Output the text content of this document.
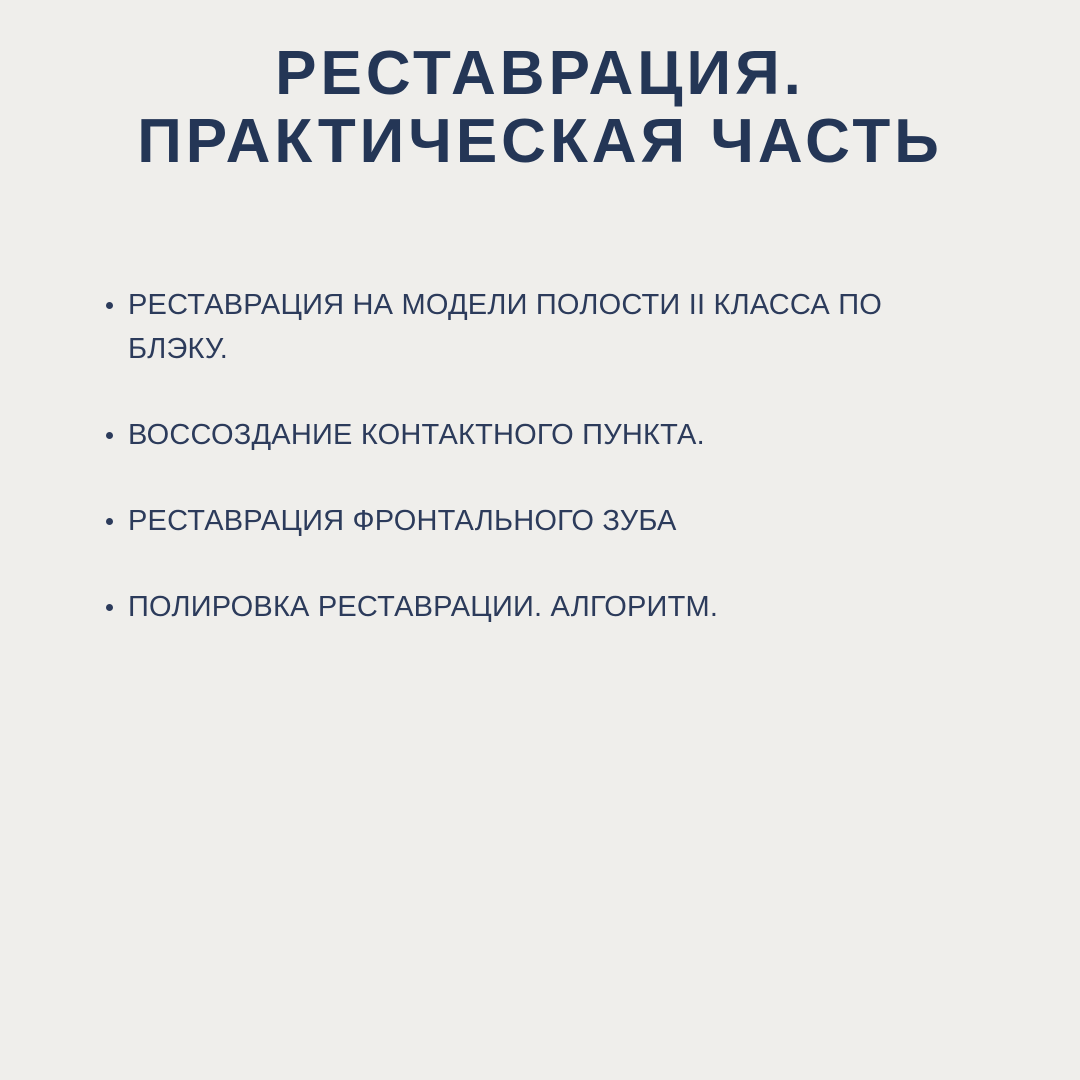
РЕСТАВРАЦИЯ.
ПРАКТИЧЕСКАЯ ЧАСТЬ
РЕСТАВРАЦИЯ НА МОДЕЛИ ПОЛОСТИ II КЛАССА ПО БЛЭКУ.
ВОССОЗДАНИЕ КОНТАКТНОГО ПУНКТА.
РЕСТАВРАЦИЯ ФРОНТАЛЬНОГО ЗУБА
ПОЛИРОВКА РЕСТАВРАЦИИ. АЛГОРИТМ.
